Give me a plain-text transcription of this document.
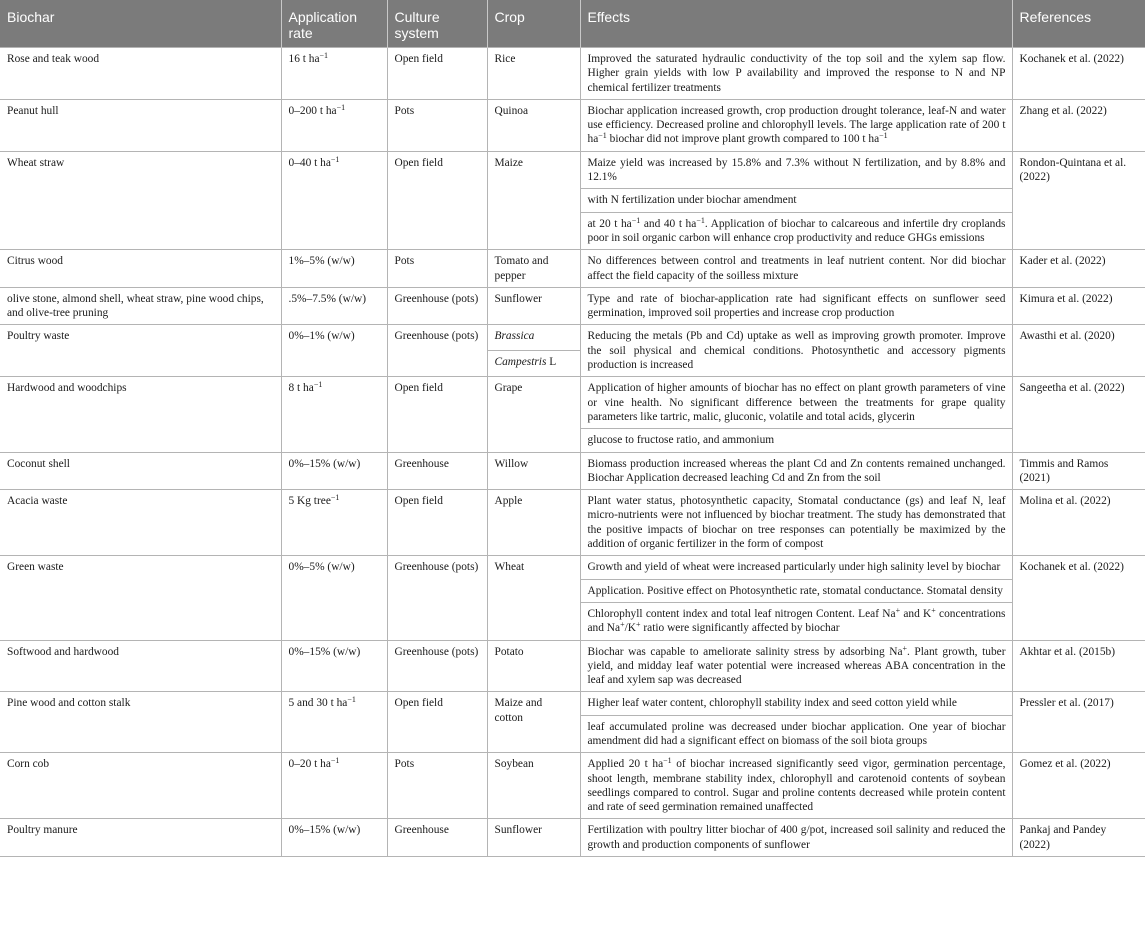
Biochar	Application rate	Culture system	Crop	Effects	References
Rose and teak wood	16 t $ha^{-1}$	Open field	Rice	Improved the saturated hydraulic conductivity of the top soil and the xylem sap flow. Higher grain yields with low P availability and improved the response to N and NP chemical fertilizer treatments	Kochanek et al. (2022)
Peanut hull	0–200 t $ha^{-1}$	Pots	Quinoa	Biochar application increased growth, crop production drought tolerance, leaf-N and water use efficiency. Decreased proline and chlorophyll levels. The large application rate of 200 t $ha^{-1}$ biochar did not improve plant growth compared to 100 t $ha^{-1}$	Zhang et al. (2022)
Wheat straw	0–40 t $ha^{-1}$	Open field	Maize	Maize yield was increased by 15.8% and 7.3% without N fertilization, and by 8.8% and 12.1%	Rondon-Quintana et al. (2022)
				with N fertilization under biochar amendment	
				at 20 t $ha^{-1}$ and 40 t $ha^{-1}$. Application of biochar to calcareous and infertile dry croplands poor in soil organic carbon will enhance crop productivity and reduce GHGs emissions	
Citrus wood	1%–5% (w/w)	Pots	Tomato and pepper	No differences between control and treatments in leaf nutrient content. Nor did biochar affect the field capacity of the soilless mixture	Kader et al. (2022)
olive stone, almond shell, wheat straw, pine wood chips, and olive-tree pruning	.5%–7.5% (w/w)	Greenhouse (pots)	Sunflower	Type and rate of biochar-application rate had significant effects on sunflower seed germination, improved soil properties and increase crop production	Kimura et al. (2022)
Poultry waste	0%–1% (w/w)	Greenhouse (pots)	Brassica	Reducing the metals (Pb and Cd) uptake as well as improving growth promoter. Improve the soil physical and chemical conditions. Photosynthetic and accessory pigments production is increased	Awasthi et al. (2020)
			Campestris L		
Hardwood and woodchips	8 t $ha^{-1}$	Open field	Grape	Application of higher amounts of biochar has no effect on plant growth parameters of vine or vine health. No significant difference between the treatments for grape quality parameters like tartric, malic, gluconic, volatile and total acids, glycerin	Sangeetha et al. (2022)
				glucose to fructose ratio, and ammonium	
Coconut shell	0%–15% (w/w)	Greenhouse	Willow	Biomass production increased whereas the plant Cd and Zn contents remained unchanged. Biochar Application decreased leaching Cd and Zn from the soil	Timmis and Ramos (2021)
Acacia waste	5 Kg tree$^{-1}$	Open field	Apple	Plant water status, photosynthetic capacity, Stomatal conductance (gs) and leaf N, leaf micro-nutrients were not influenced by biochar treatment. The study has demonstrated that the positive impacts of biochar on tree responses can potentially be maximized by the addition of organic fertilizer in the form of compost	Molina et al. (2022)
Green waste	0%–5% (w/w)	Greenhouse (pots)	Wheat	Growth and yield of wheat were increased particularly under high salinity level by biochar	Kochanek et al. (2022)
				Application. Positive effect on Photosynthetic rate, stomatal conductance. Stomatal density	
				Chlorophyll content index and total leaf nitrogen Content. Leaf Na+ and K+ concentrations and Na+/K+ ratio were significantly affected by biochar	
Softwood and hardwood	0%–15% (w/w)	Greenhouse (pots)	Potato	Biochar was capable to ameliorate salinity stress by adsorbing Na+. Plant growth, tuber yield, and midday leaf water potential were increased whereas ABA concentration in the leaf and xylem sap was decreased	Akhtar et al. (2015b)
Pine wood and cotton stalk	5 and 30 t $ha^{-1}$	Open field	Maize and cotton	Higher leaf water content, chlorophyll stability index and seed cotton yield while	Pressler et al. (2017)
				leaf accumulated proline was decreased under biochar application. One year of biochar amendment did had a significant effect on biomass of the soil biota groups	
Corn cob	0–20 t $ha^{-1}$	Pots	Soybean	Applied 20 t $ha^{-1}$ of biochar increased significantly seed vigor, germination percentage, shoot length, membrane stability index, chlorophyll and carotenoid contents of soybean seedlings compared to control. Sugar and proline contents decreased while protein content and rate of seed germination remained unaffected	Gomez et al. (2022)
Poultry manure	0%–15% (w/w)	Greenhouse	Sunflower	Fertilization with poultry litter biochar of 400 g/pot, increased soil salinity and reduced the growth and production components of sunflower	Pankaj and Pandey (2022)
